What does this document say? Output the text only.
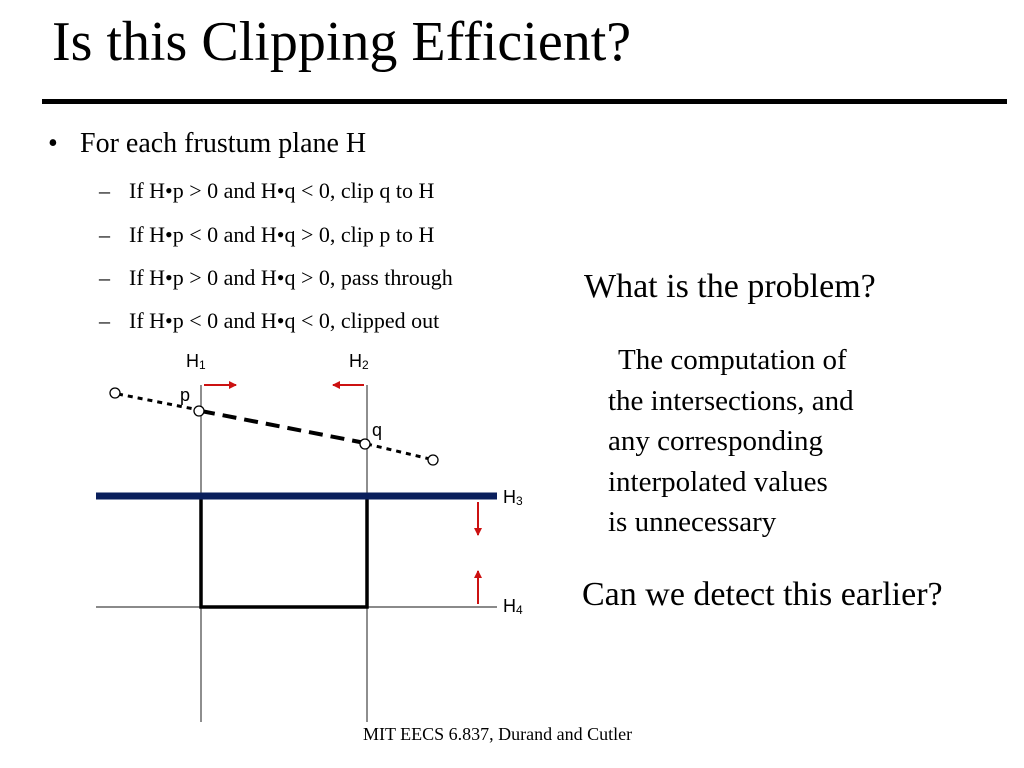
Is this Clipping Efficient?
• For each frustum plane H
– If H•p > 0 and H•q < 0, clip q to H
– If H•p < 0 and H•q > 0, clip p to H
– If H•p > 0 and H•q > 0, pass through
– If H•p < 0 and H•q < 0, clipped out
H1	H2
H3
H4
p
q
What is the problem?
The computation of
the intersections, and
any corresponding
interpolated values
is unnecessary
Can we detect this earlier?
MIT EECS 6.837, Durand and Cutler
